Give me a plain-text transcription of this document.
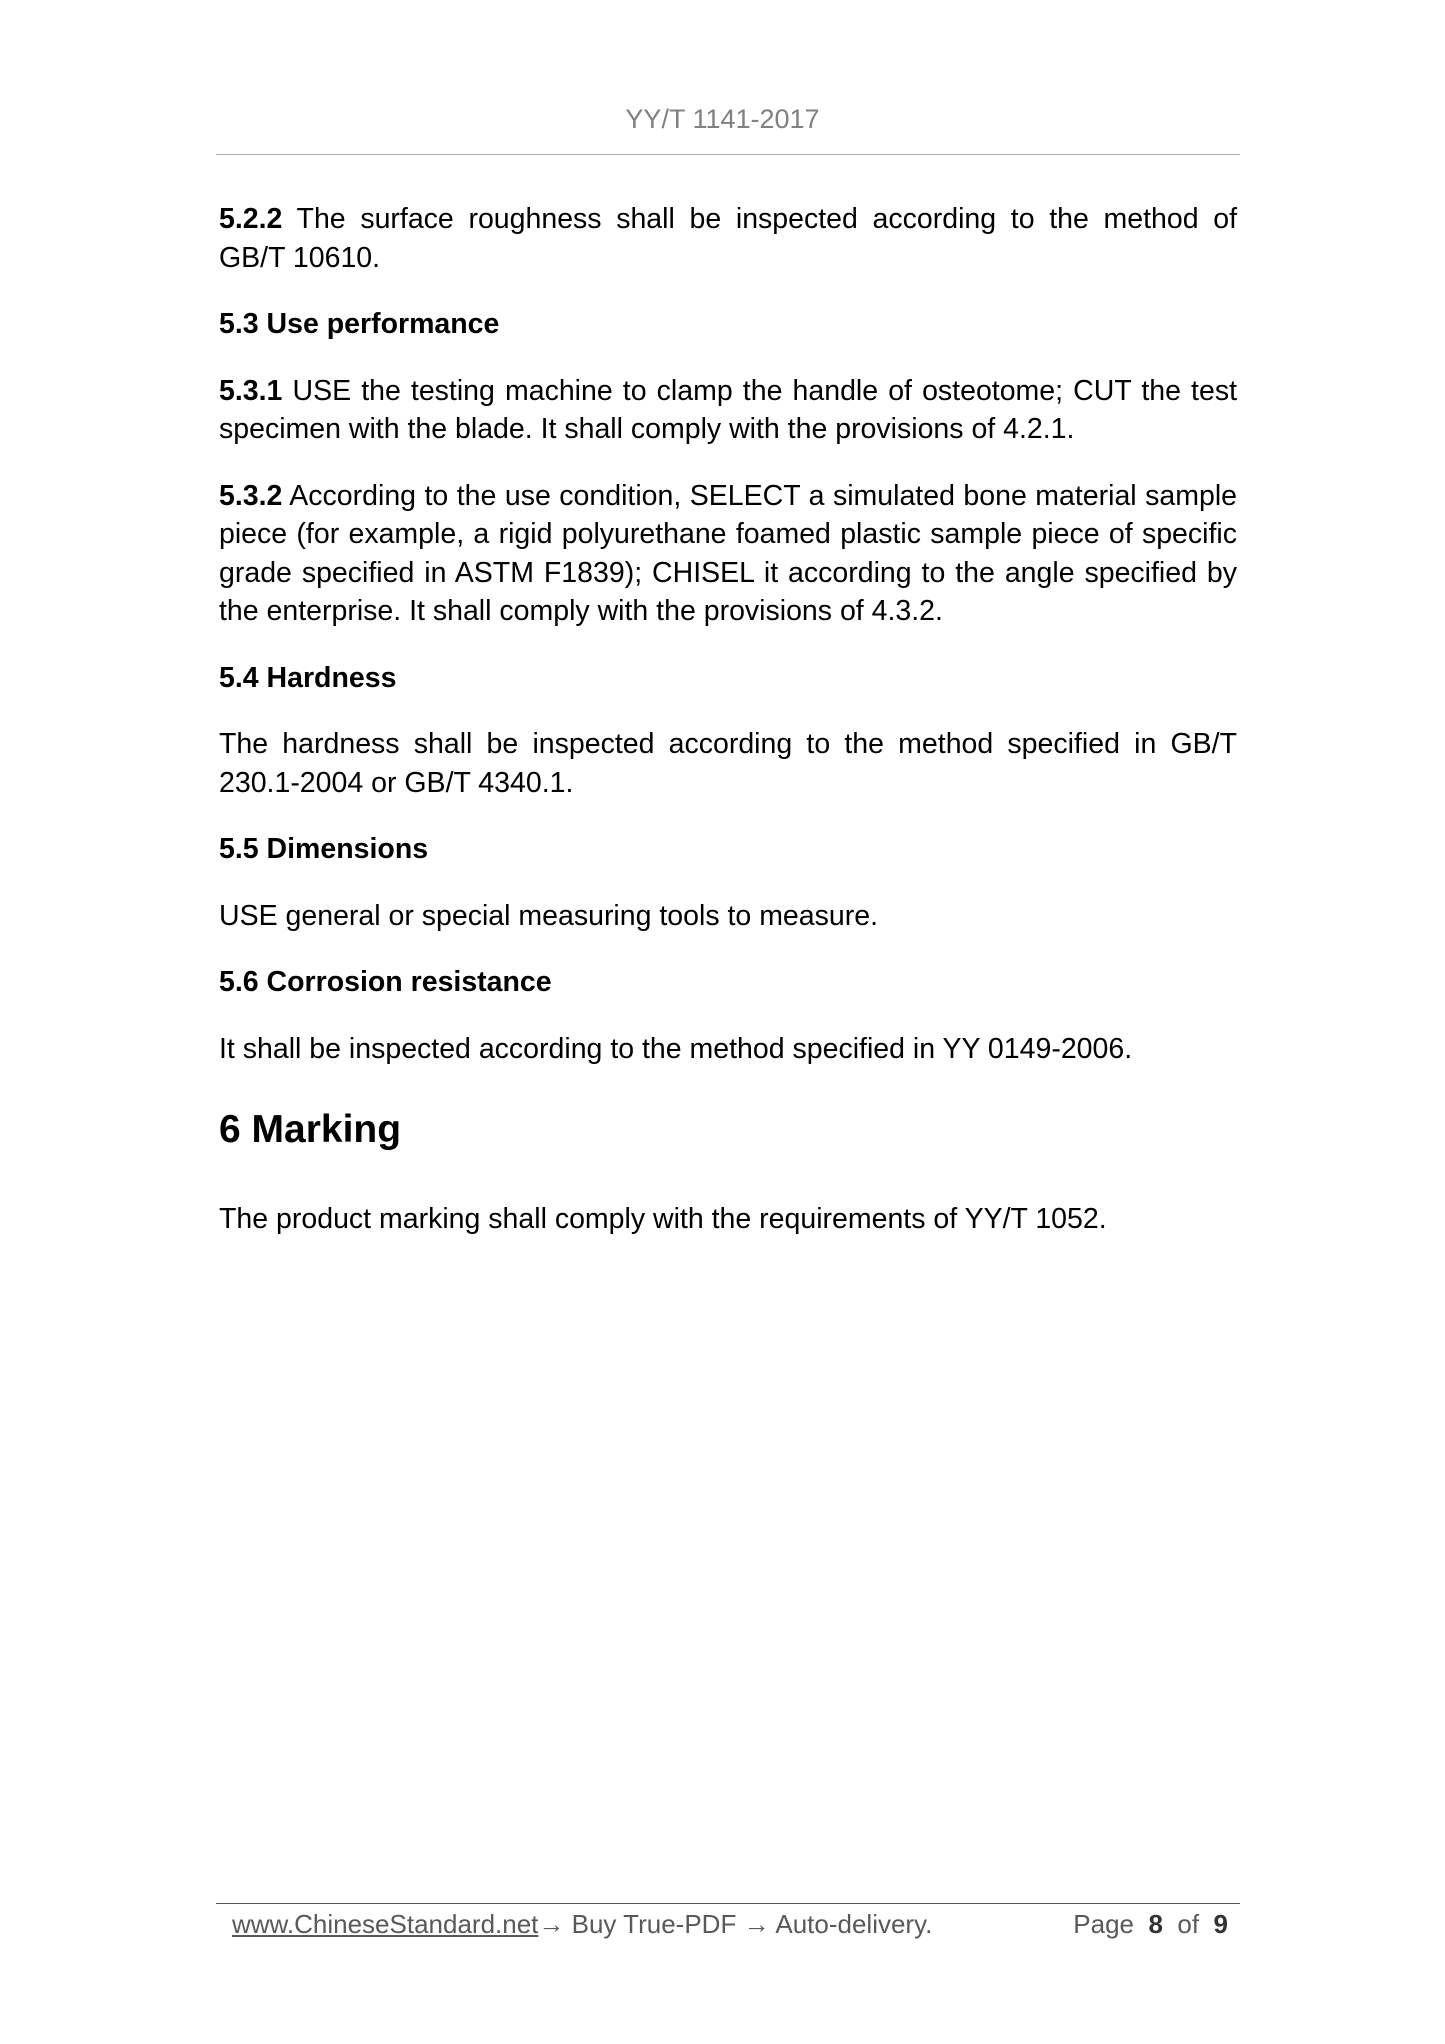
YY/T 1141-2017

5.2.2 The surface roughness shall be inspected according to the method of GB/T 10610.

5.3 Use performance

5.3.1 USE the testing machine to clamp the handle of osteotome; CUT the test specimen with the blade. It shall comply with the provisions of 4.2.1.

5.3.2 According to the use condition, SELECT a simulated bone material sample piece (for example, a rigid polyurethane foamed plastic sample piece of specific grade specified in ASTM F1839); CHISEL it according to the angle specified by the enterprise. It shall comply with the provisions of 4.3.2.

5.4 Hardness

The hardness shall be inspected according to the method specified in GB/T 230.1-2004 or GB/T 4340.1.

5.5 Dimensions

USE general or special measuring tools to measure.

5.6 Corrosion resistance

It shall be inspected according to the method specified in YY 0149-2006.

6 Marking

The product marking shall comply with the requirements of YY/T 1052.

www.ChineseStandard.net→ Buy True-PDF → Auto-delivery.	Page 8 of 9
